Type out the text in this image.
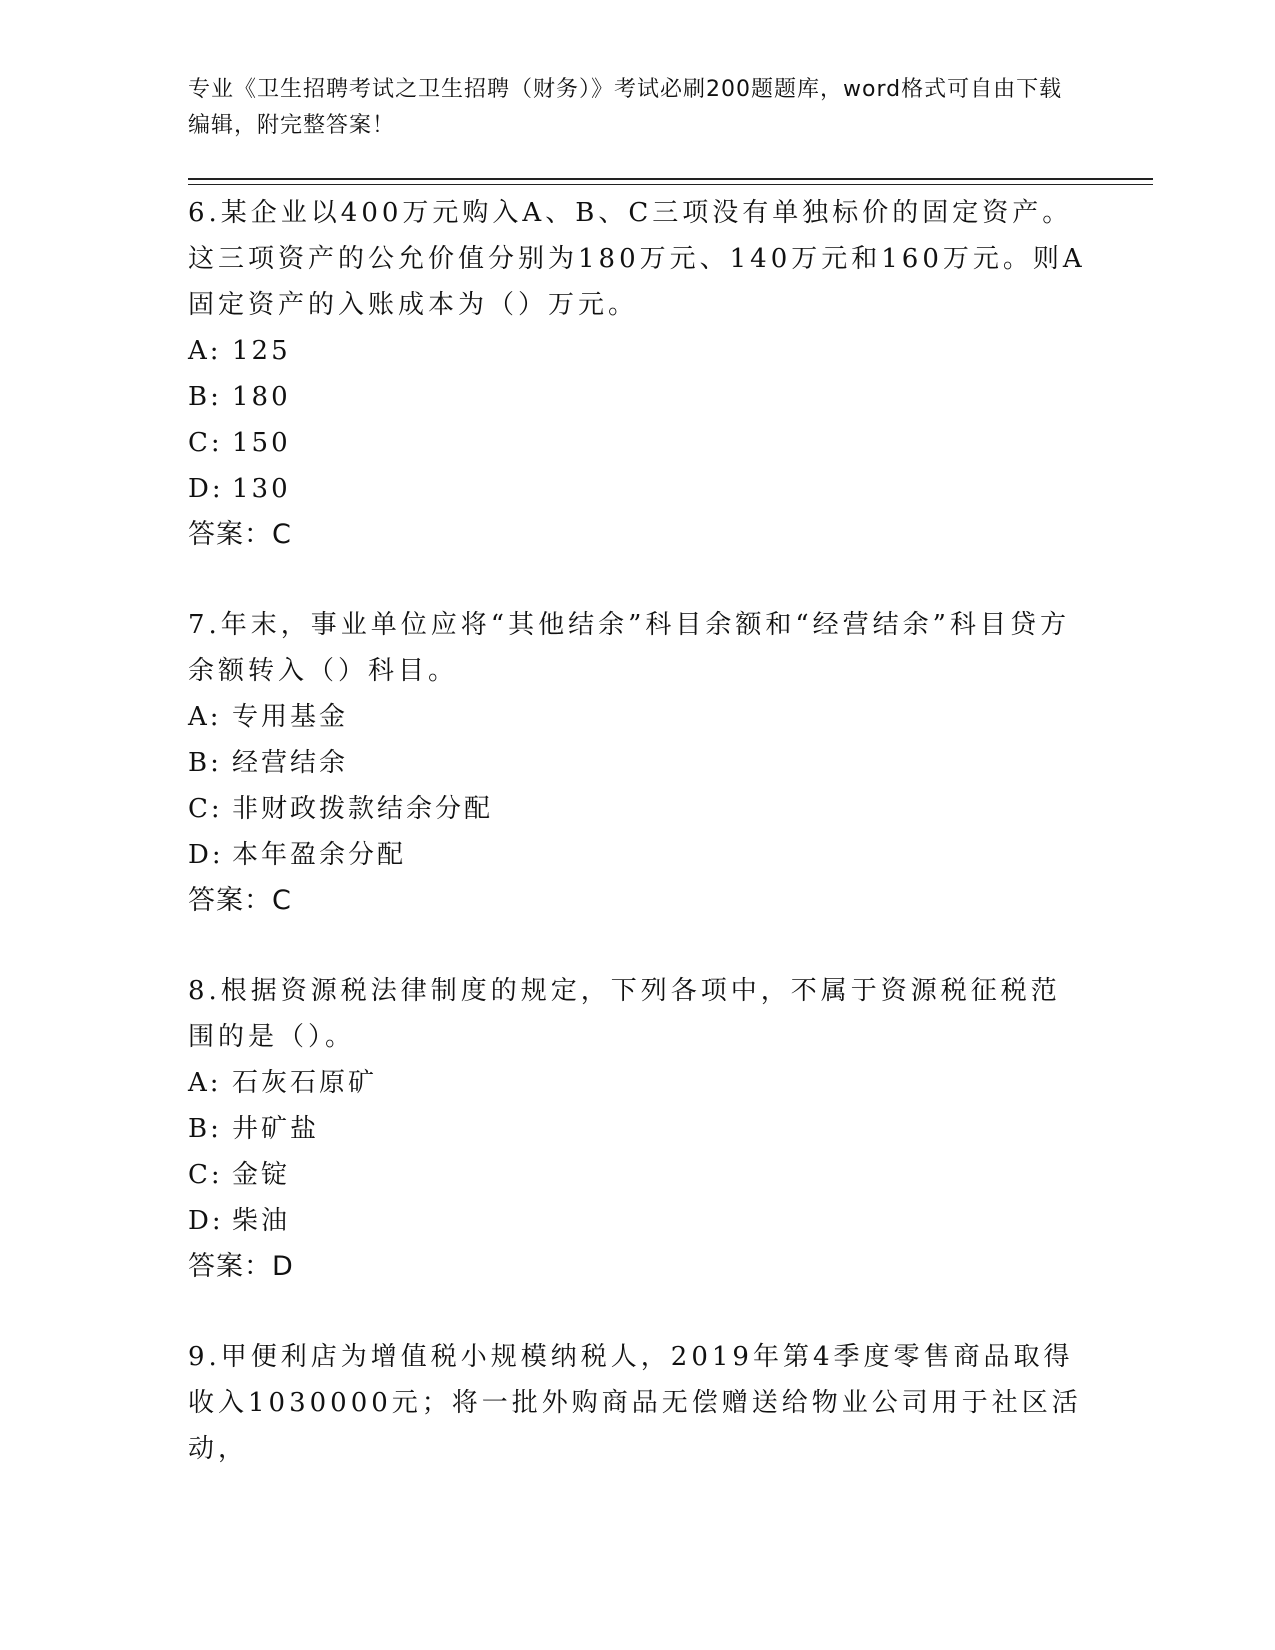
专业《卫生招聘考试之卫生招聘（财务）》考试必刷200题题库，word格式可自由下载编辑，附完整答案！

6.某企业以400万元购入A、B、C三项没有单独标价的固定资产。这三项资产的公允价值分别为180万元、140万元和160万元。则A固定资产的入账成本为（）万元。

A: 125
B: 180
C: 150
D: 130
答案：C

7.年末，事业单位应将“其他结余”科目余额和“经营结余”科目贷方余额转入（）科目。

A: 专用基金
B: 经营结余
C: 非财政拨款结余分配
D: 本年盈余分配
答案：C

8.根据资源税法律制度的规定，下列各项中，不属于资源税征税范围的是（）。

A: 石灰石原矿
B: 井矿盐
C: 金锭
D: 柴油
答案：D

9.甲便利店为增值税小规模纳税人，2019年第4季度零售商品取得收入1030000元；将一批外购商品无偿赠送给物业公司用于社区活动，
